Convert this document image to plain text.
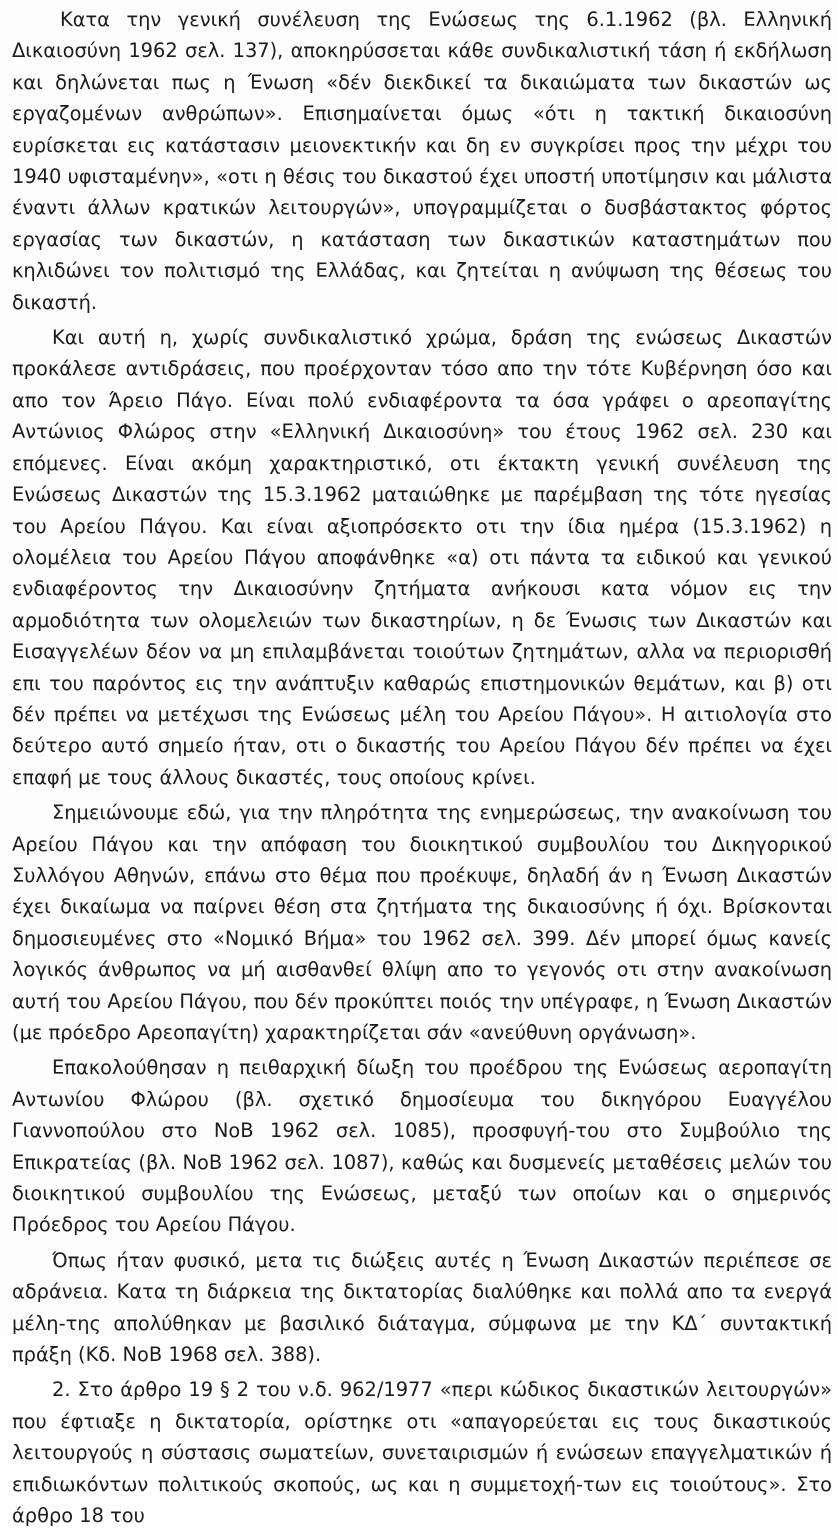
Κατα την γενική συνέλευση της Ενώσεως της 6.1.1962 (βλ. Ελληνική Δικαιοσύνη 1962 σελ. 137), αποκηρύσσεται κάθε συνδικαλιστική τάση ή εκδήλωση και δηλώνεται πως η Ένωση «δέν διεκδικεί τα δικαιώματα των δικαστών ως εργαζομένων ανθρώπων». Επισημαίνεται όμως «ότι η τακτική δικαιοσύνη ευρίσκεται εις κατάστασιν μειονεκτικήν και δη εν συγκρίσει προς την μέχρι του 1940 υφισταμένην», «οτι η θέσις του δικαστού έχει υποστή υποτίμησιν και μάλιστα έναντι άλλων κρατικών λειτουργών», υπογραμμίζεται ο δυσβάστακτος φόρτος εργασίας των δικαστών, η κατάσταση των δικαστικών καταστημάτων που κηλιδώνει τον πολιτισμό της Ελλάδας, και ζητείται η ανύψωση της θέσεως του δικαστή.

Και αυτή η, χωρίς συνδικαλιστικό χρώμα, δράση της ενώσεως Δικαστών προκάλεσε αντιδράσεις, που προέρχονταν τόσο απο την τότε Κυβέρνηση όσο και απο τον Άρειο Πάγο. Είναι πολύ ενδιαφέροντα τα όσα γράφει ο αρεοπαγίτης Αντώνιος Φλώρος στην «Ελληνική Δικαιοσύνη» του έτους 1962 σελ. 230 και επόμενες. Είναι ακόμη χαρακτηριστικό, οτι έκτακτη γενική συνέλευση της Ενώσεως Δικαστών της 15.3.1962 ματαιώθηκε με παρέμβαση της τότε ηγεσίας του Αρείου Πάγου. Και είναι αξιοπρόσεκτο οτι την ίδια ημέρα (15.3.1962) η ολομέλεια του Αρείου Πάγου αποφάνθηκε «α) οτι πάντα τα ειδικού και γενικού ενδιαφέροντος την Δικαιοσύνην ζητήματα ανήκουσι κατα νόμον εις την αρμοδιότητα των ολομελειών των δικαστηρίων, η δε Ένωσις των Δικαστών και Εισαγγελέων δέον να μη επιλαμβάνεται τοιούτων ζητημάτων, αλλα να περιορισθή επι του παρόντος εις την ανάπτυξιν καθαρώς επιστημονικών θεμάτων, και β) οτι δέν πρέπει να μετέχωσι της Ενώσεως μέλη του Αρείου Πάγου». Η αιτιολογία στο δεύτερο αυτό σημείο ήταν, οτι ο δικαστής του Αρείου Πάγου δέν πρέπει να έχει επαφή με τους άλλους δικαστές, τους οποίους κρίνει.

Σημειώνουμε εδώ, για την πληρότητα της ενημερώσεως, την ανακοίνωση του Αρείου Πάγου και την απόφαση του διοικητικού συμβουλίου του Δικηγορικού Συλλόγου Αθηνών, επάνω στο θέμα που προέκυψε, δηλαδή άν η Ένωση Δικαστών έχει δικαίωμα να παίρνει θέση στα ζητήματα της δικαιοσύνης ή όχι. Βρίσκονται δημοσιευμένες στο «Νομικό Βήμα» του 1962 σελ. 399. Δέν μπορεί όμως κανείς λογικός άνθρωπος να μή αισθανθεί θλίψη απο το γεγονός οτι στην ανακοίνωση αυτή του Αρείου Πάγου, που δέν προκύπτει ποιός την υπέγραφε, η Ένωση Δικαστών (με πρόεδρο Αρεοπαγίτη) χαρακτηρίζεται σάν «ανεύθυνη οργάνωση».

Επακολούθησαν η πειθαρχική δίωξη του προέδρου της Ενώσεως αεροπαγίτη Αντωνίου Φλώρου (βλ. σχετικό δημοσίευμα του δικηγόρου Ευαγγέλου Γιαννοπούλου στο ΝοΒ 1962 σελ. 1085), προσφυγή-του στο Συμβούλιο της Επικρατείας (βλ. ΝοΒ 1962 σελ. 1087), καθώς και δυσμενείς μεταθέσεις μελών του διοικητικού συμβουλίου της Ενώσεως, μεταξύ των οποίων και ο σημερινός Πρόεδρος του Αρείου Πάγου.

Όπως ήταν φυσικό, μετα τις διώξεις αυτές η Ένωση Δικαστών περιέπεσε σε αδράνεια. Κατα τη διάρκεια της δικτατορίας διαλύθηκε και πολλά απο τα ενεργά μέλη-της απολύθηκαν με βασιλικό διάταγμα, σύμφωνα με την ΚΔ΄ συντακτική πράξη (Κδ. ΝοΒ 1968 σελ. 388).

2. Στο άρθρο 19 § 2 του ν.δ. 962/1977 «περι κώδικος δικαστικών λειτουργών» που έφτιαξε η δικτατορία, ορίστηκε οτι «απαγορεύεται εις τους δικαστικούς λειτουργούς η σύστασις σωματείων, συνεταιρισμών ή ενώσεων επαγγελματικών ή επιδιωκόντων πολιτικούς σκοπούς, ως και η συμμετοχή-των εις τοιούτους». Στο άρθρο 18 του
